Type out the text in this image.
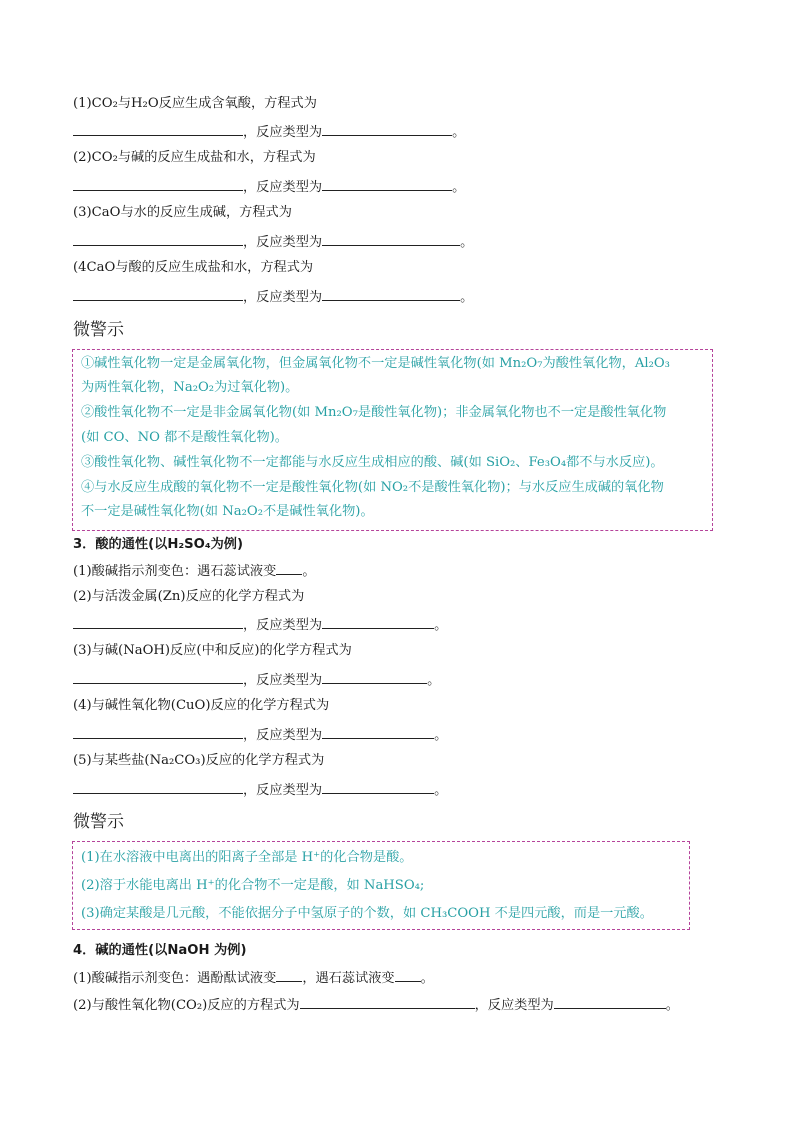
(1)CO₂与H₂O反应生成含氧酸，方程式为
，反应类型为	。
(2)CO₂与碱的反应生成盐和水，方程式为
，反应类型为	。
(3)CaO与水的反应生成碱，方程式为
，反应类型为	。
(4CaO与酸的反应生成盐和水，方程式为
，反应类型为	。
微警示
①碱性氧化物一定是金属氧化物，但金属氧化物不一定是碱性氧化物(如 Mn₂O₇为酸性氧化物，Al₂O₃
为两性氧化物，Na₂O₂为过氧化物)。
②酸性氧化物不一定是非金属氧化物(如 Mn₂O₇是酸性氧化物)；非金属氧化物也不一定是酸性氧化物
(如 CO、NO 都不是酸性氧化物)。
③酸性氧化物、碱性氧化物不一定都能与水反应生成相应的酸、碱(如 SiO₂、Fe₃O₄都不与水反应)。
④与水反应生成酸的氧化物不一定是酸性氧化物(如 NO₂不是酸性氧化物)；与水反应生成碱的氧化物
不一定是碱性氧化物(如 Na₂O₂不是碱性氧化物)。
3．酸的通性(以H₂SO₄为例)
(1)酸碱指示剂变色：遇石蕊试液变 。
(2)与活泼金属(Zn)反应的化学方程式为
，反应类型为	。
(3)与碱(NaOH)反应(中和反应)的化学方程式为
，反应类型为	。
(4)与碱性氧化物(CuO)反应的化学方程式为
，反应类型为	。
(5)与某些盐(Na₂CO₃)反应的化学方程式为
，反应类型为	。
微警示
(1)在水溶液中电离出的阳离子全部是 H⁺的化合物是酸。
(2)溶于水能电离出 H⁺的化合物不一定是酸，如 NaHSO₄;
(3)确定某酸是几元酸，不能依据分子中氢原子的个数，如 CH₃COOH 不是四元酸，而是一元酸。
4．碱的通性(以NaOH 为例)
(1)酸碱指示剂变色：遇酚酞试液变 ，遇石蕊试液变 。
(2)与酸性氧化物(CO₂)反应的方程式为	，反应类型为	。
